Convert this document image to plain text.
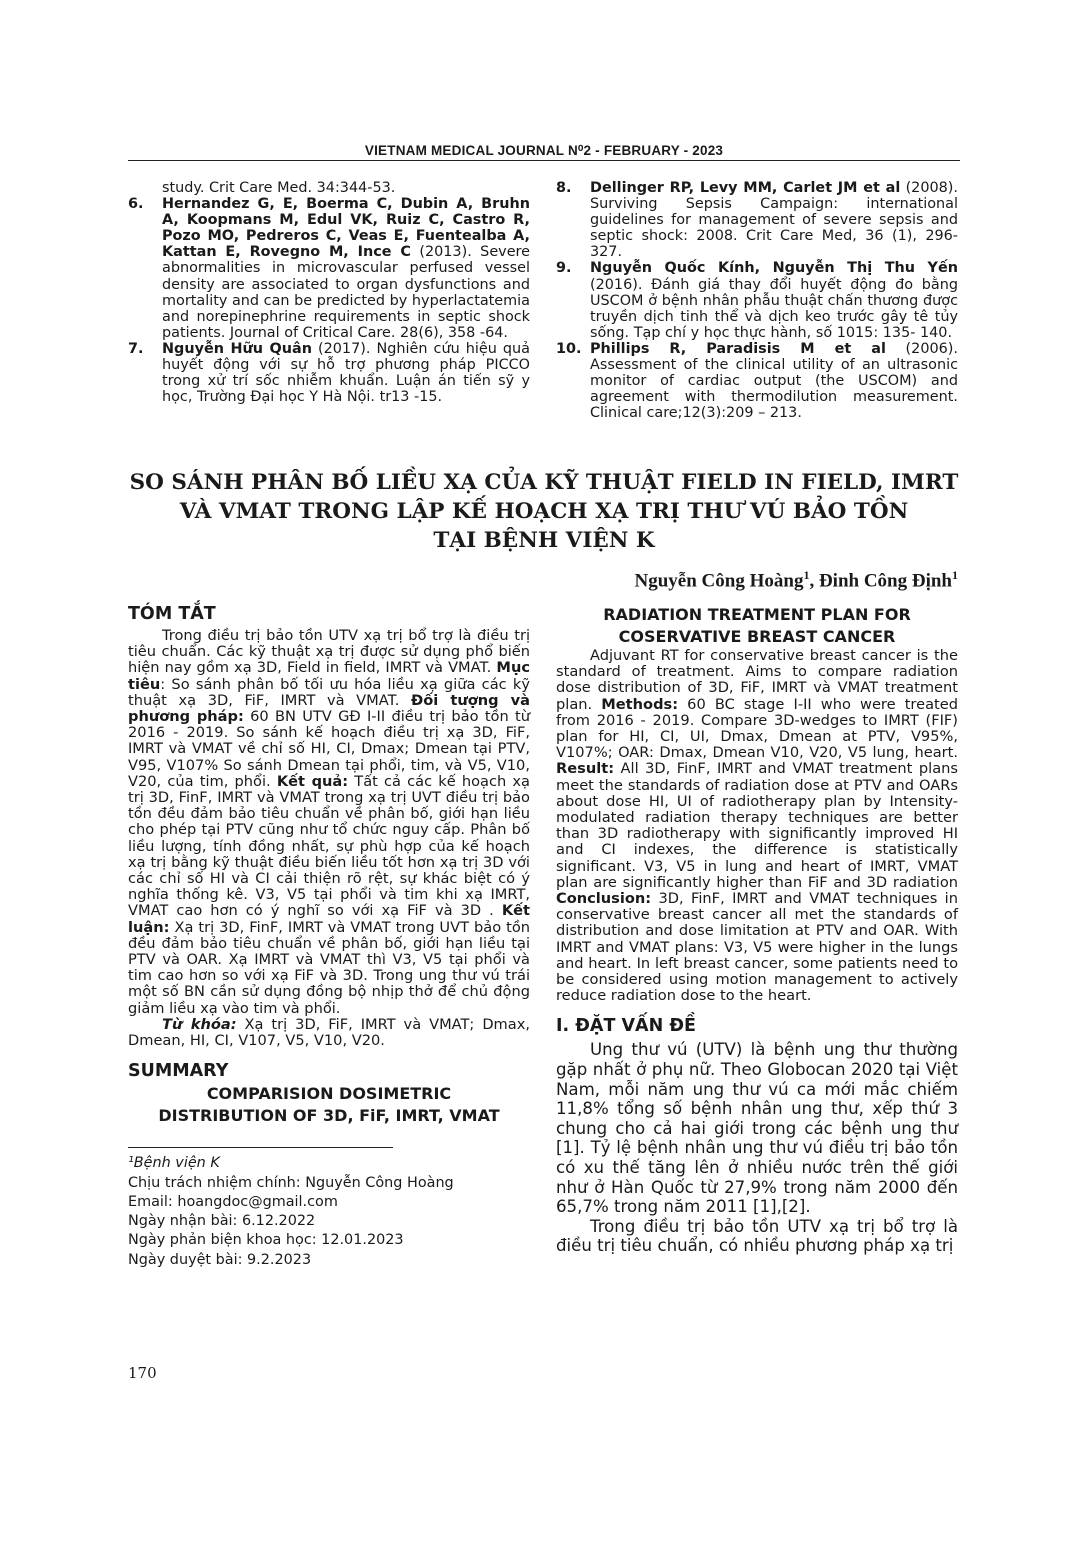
VIETNAM MEDICAL JOURNAL N⁰2 - FEBRUARY - 2023

study. Crit Care Med. 34:344-53.

6. Hernandez G, E, Boerma C, Dubin A, Bruhn A, Koopmans M, Edul VK, Ruiz C, Castro R, Pozo MO, Pedreros C, Veas E, Fuentealba A, Kattan E, Rovegno M, Ince C (2013). Severe abnormalities in microvascular perfused vessel density are associated to organ dysfunctions and mortality and can be predicted by hyperlactatemia and norepinephrine requirements in septic shock patients. Journal of Critical Care. 28(6), 358 -64.

7. Nguyễn Hữu Quân (2017). Nghiên cứu hiệu quả huyết động với sự hỗ trợ phương pháp PICCO trong xử trí sốc nhiễm khuẩn. Luận án tiến sỹ y học, Trường Đại học Y Hà Nội. tr13 -15.

8. Dellinger RP, Levy MM, Carlet JM et al (2008). Surviving Sepsis Campaign: international guidelines for management of severe sepsis and septic shock: 2008. Crit Care Med, 36 (1), 296-327.

9. Nguyễn Quốc Kính, Nguyễn Thị Thu Yến (2016). Đánh giá thay đổi huyết động đo bằng USCOM ở bệnh nhân phẫu thuật chấn thương được truyền dịch tinh thể và dịch keo trước gây tê tủy sống. Tạp chí y học thực hành, số 1015: 135- 140.

10. Phillips R, Paradisis M et al (2006). Assessment of the clinical utility of an ultrasonic monitor of cardiac output (the USCOM) and agreement with thermodilution measurement. Clinical care;12(3):209 – 213.

SO SÁNH PHÂN BỐ LIỀU XẠ CỦA KỸ THUẬT FIELD IN FIELD, IMRT
VÀ VMAT TRONG LẬP KẾ HOẠCH XẠ TRỊ THƯ VÚ BẢO TỒN
TẠI BỆNH VIỆN K
Nguyễn Công Hoàng$^1$, Đinh Công Định$^1$
TÓM TẮT

Trong điều trị bảo tồn UTV xạ trị bổ trợ là điều trị tiêu chuẩn. Các kỹ thuật xạ trị được sử dụng phổ biến hiện nay gồm xạ 3D, Field in field, IMRT và VMAT. Mục tiêu: So sánh phân bố tối ưu hóa liều xạ giữa các kỹ thuật xạ 3D, FiF, IMRT và VMAT. Đối tượng và phương pháp: 60 BN UTV GĐ I-II điều trị bảo tồn từ 2016 - 2019. So sánh kế hoạch điều trị xạ 3D, FiF, IMRT và VMAT về chỉ số HI, CI, Dmax; Dmean tại PTV, V95, V107% So sánh Dmean tại phổi, tim, và V5, V10, V20, của tim, phổi. Kết quả: Tất cả các kế hoạch xạ trị 3D, FinF, IMRT và VMAT trong xạ trị UVT điều trị bảo tồn đều đảm bảo tiêu chuẩn về phân bố, giới hạn liều cho phép tại PTV cũng như tổ chức nguy cấp. Phân bố liều lượng, tính đồng nhất, sự phù hợp của kế hoạch xạ trị bằng kỹ thuật điều biến liều tốt hơn xạ trị 3D với các chỉ số HI và CI cải thiện rõ rệt, sự khác biệt có ý nghĩa thống kê. V3, V5 tại phổi và tim khi xạ IMRT, VMAT cao hơn có ý nghĩ so với xạ FiF và 3D . Kết luận: Xạ trị 3D, FinF, IMRT và VMAT trong UVT bảo tồn đều đảm bảo tiêu chuẩn về phân bố, giới hạn liều tại PTV và OAR. Xạ IMRT và VMAT thì V3, V5 tại phổi và tim cao hơn so với xạ FiF và 3D. Trong ung thư vú trái một số BN cần sử dụng đồng bộ nhịp thở để chủ động giảm liều xạ vào tim và phổi.

Từ khóa: Xạ trị 3D, FiF, IMRT và VMAT; Dmax, Dmean, HI, CI, V107, V5, V10, V20.

SUMMARY

COMPARISION DOSIMETRIC

DISTRIBUTION OF 3D, FiF, IMRT, VMAT

¹Bệnh viện K

Chịu trách nhiệm chính: Nguyễn Công Hoàng

Email: hoangdoc@gmail.com

Ngày nhận bài: 6.12.2022

Ngày phản biện khoa học: 12.01.2023

Ngày duyệt bài: 9.2.2023

RADIATION TREATMENT PLAN FOR

COSERVATIVE BREAST CANCER

Adjuvant RT for conservative breast cancer is the standard of treatment. Aims to compare radiation dose distribution of 3D, FiF, IMRT và VMAT treatment plan. Methods: 60 BC stage I-II who were treated from 2016 - 2019. Compare 3D-wedges to IMRT (FIF) plan for HI, CI, UI, Dmax, Dmean at PTV, V95%, V107%; OAR: Dmax, Dmean V10, V20, V5 lung, heart. Result: All 3D, FinF, IMRT and VMAT treatment plans meet the standards of radiation dose at PTV and OARs about dose HI, UI of radiotherapy plan by Intensity-modulated radiation therapy techniques are better than 3D radiotherapy with significantly improved HI and CI indexes, the difference is statistically significant. V3, V5 in lung and heart of IMRT, VMAT plan are significantly higher than FiF and 3D radiation Conclusion: 3D, FinF, IMRT and VMAT techniques in conservative breast cancer all met the standards of distribution and dose limitation at PTV and OAR. With IMRT and VMAT plans: V3, V5 were higher in the lungs and heart. In left breast cancer, some patients need to be considered using motion management to actively reduce radiation dose to the heart.

I. ĐẶT VẤN ĐỀ

Ung thư vú (UTV) là bệnh ung thư thường gặp nhất ở phụ nữ. Theo Globocan 2020 tại Việt Nam, mỗi năm ung thư vú ca mới mắc chiếm 11,8% tổng số bệnh nhân ung thư, xếp thứ 3 chung cho cả hai giới trong các bệnh ung thư [1]. Tỷ lệ bệnh nhân ung thư vú điều trị bảo tồn có xu thế tăng lên ở nhiều nước trên thế giới như ở Hàn Quốc từ 27,9% trong năm 2000 đến 65,7% trong năm 2011 [1],[2].

Trong điều trị bảo tồn UTV xạ trị bổ trợ là điều trị tiêu chuẩn, có nhiều phương pháp xạ trị

170
